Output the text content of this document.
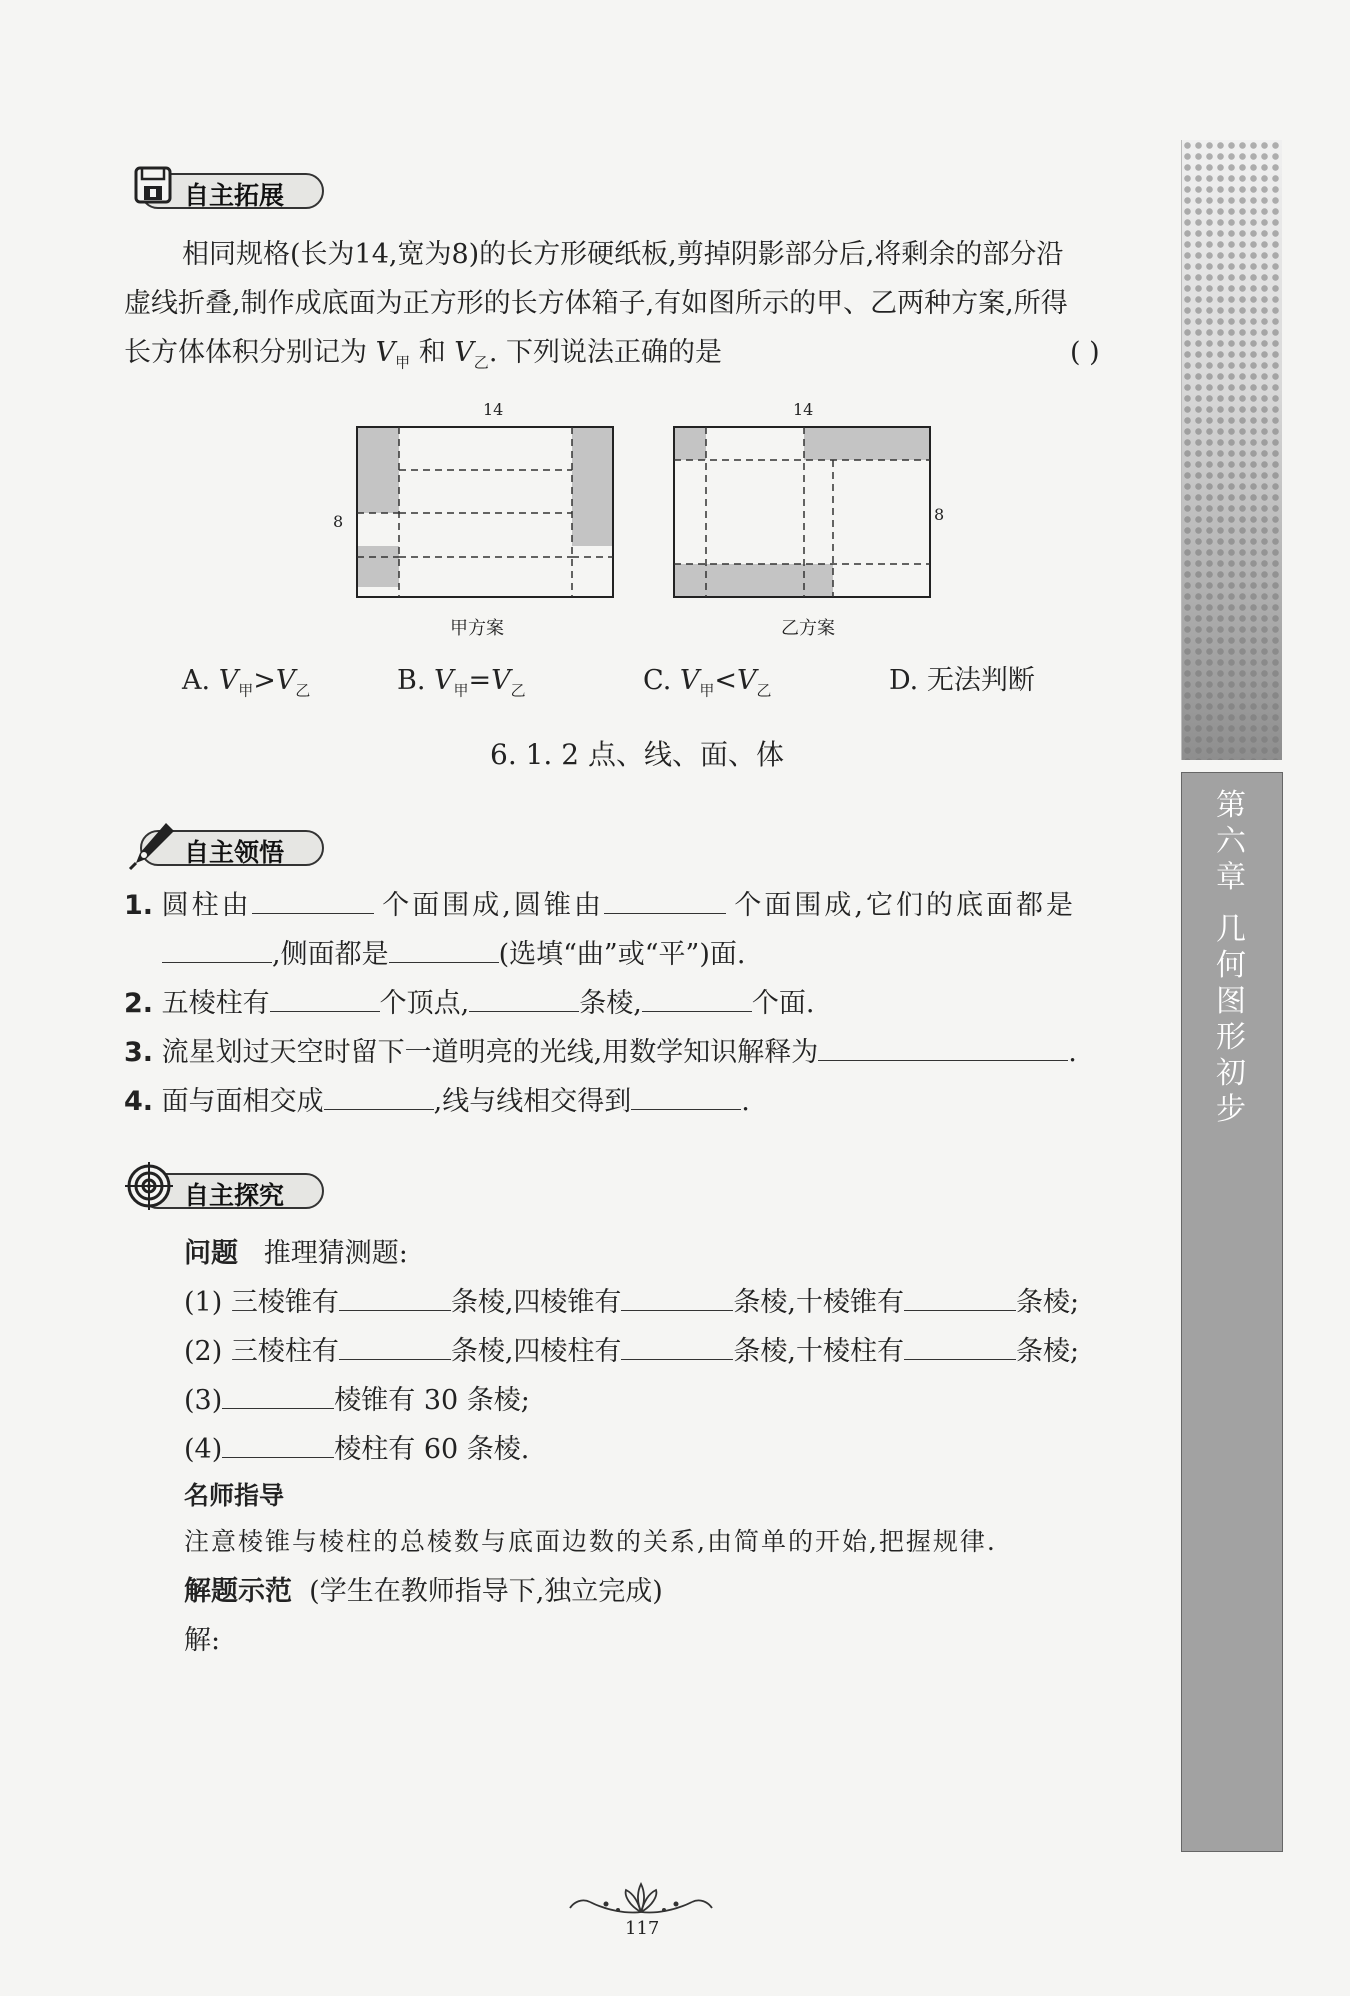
自主拓展
相同规格(长为14,宽为8)的长方形硬纸板,剪掉阴影部分后,将剩余的部分沿
虚线折叠,制作成底面为正方形的长方体箱子,有如图所示的甲、乙两种方案,所得
长方体体积分别记为 $V_甲$ 和 $V_乙$. 下列说法正确的是	( )
14
8
甲方案
14
8
乙方案
A. $V_甲>V_乙$	B. $V_甲=V_乙$	C. $V_甲<V_乙$	D. 无法判断
6. 1. 2 点、线、面、体
自主领悟
1. 圆柱由	个面围成,圆锥由	个面围成,它们的底面都是
,侧面都是	(选填“曲”或“平”)面.
2. 五棱柱有	个顶点,	条棱,	个面.
3. 流星划过天空时留下一道明亮的光线,用数学知识解释为	.
4. 面与面相交成	,线与线相交得到	.
自主探究
问题 推理猜测题:
(1) 三棱锥有	条棱,四棱锥有	条棱,十棱锥有	条棱;
(2) 三棱柱有	条棱,四棱柱有	条棱,十棱柱有	条棱;
(3)	棱锥有 30 条棱;
(4)	棱柱有 60 条棱.
名师指导
注意棱锥与棱柱的总棱数与底面边数的关系,由简单的开始,把握规律.
解题示范 (学生在教师指导下,独立完成)
解:
第
六
章
几
何
图
形
初
步
117
